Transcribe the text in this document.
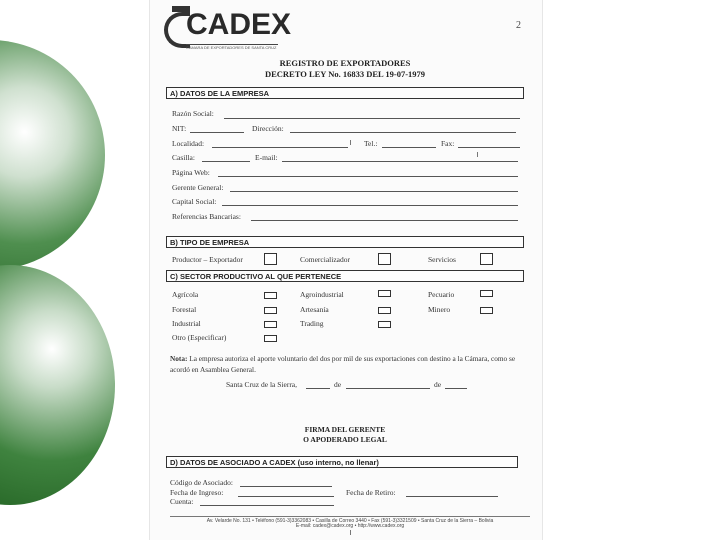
CADEX
CAMARA DE EXPORTADORES DE SANTA CRUZ
2
REGISTRO DE EXPORTADORES
DECRETO LEY No. 16833 DEL 19-07-1979
A) DATOS DE LA EMPRESA
Razón Social:
NIT:	Dirección:
Localidad:	Tel.:	Fax:
Casilla:	E-mail:
Página Web:
Gerente General:
Capital Social:
Referencias Bancarias:
B) TIPO DE EMPRESA
Productor – Exportador	Comercializador	Servicios
C) SECTOR PRODUCTIVO AL QUE PERTENECE
Agrícola	Agroindustrial	Pecuario
Forestal	Artesanía	Minero
Industrial	Trading
Otro (Especificar)
Nota: La empresa autoriza el aporte voluntario del dos por mil de sus exportaciones con destino a la Cámara, como se acordó en Asamblea General.
Santa Cruz de la Sierra,	de	de
FIRMA DEL GERENTE
O APODERADO LEGAL
D) DATOS DE ASOCIADO A CADEX (uso interno, no llenar)
Código de Asociado:
Fecha de Ingreso:	Fecha de Retiro:
Cuenta:
Av. Velarde No. 131 • Teléfono (591-3)3362083 • Casilla de Correo 3440 • Fax (591-3)3321509 • Santa Cruz de la Sierra – Bolivia
E-mail: cadex@cadex.org • http://www.cadex.org
